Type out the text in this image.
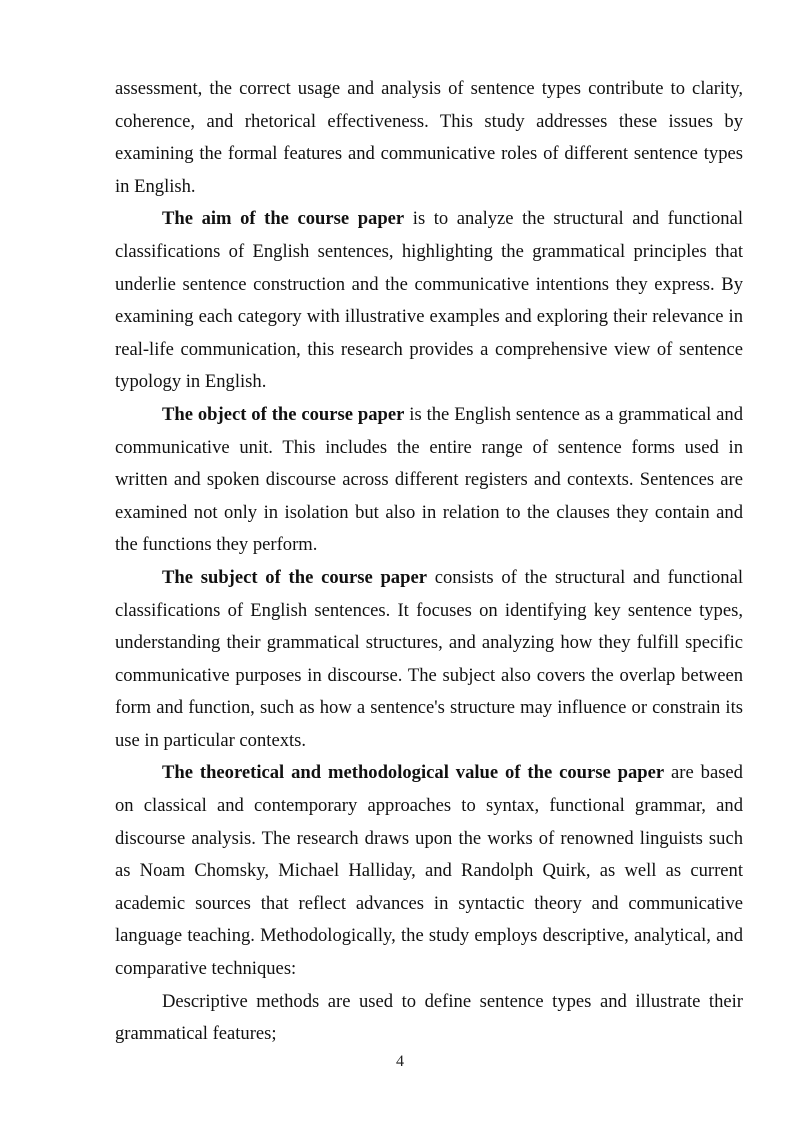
assessment, the correct usage and analysis of sentence types contribute to clarity, coherence, and rhetorical effectiveness. This study addresses these issues by examining the formal features and communicative roles of different sentence types in English.

The aim of the course paper is to analyze the structural and functional classifications of English sentences, highlighting the grammatical principles that underlie sentence construction and the communicative intentions they express. By examining each category with illustrative examples and exploring their relevance in real-life communication, this research provides a comprehensive view of sentence typology in English.

The object of the course paper is the English sentence as a grammatical and communicative unit. This includes the entire range of sentence forms used in written and spoken discourse across different registers and contexts. Sentences are examined not only in isolation but also in relation to the clauses they contain and the functions they perform.

The subject of the course paper consists of the structural and functional classifications of English sentences. It focuses on identifying key sentence types, understanding their grammatical structures, and analyzing how they fulfill specific communicative purposes in discourse. The subject also covers the overlap between form and function, such as how a sentence's structure may influence or constrain its use in particular contexts.

The theoretical and methodological value of the course paper are based on classical and contemporary approaches to syntax, functional grammar, and discourse analysis. The research draws upon the works of renowned linguists such as Noam Chomsky, Michael Halliday, and Randolph Quirk, as well as current academic sources that reflect advances in syntactic theory and communicative language teaching. Methodologically, the study employs descriptive, analytical, and comparative techniques:

Descriptive methods are used to define sentence types and illustrate their grammatical features;

4
